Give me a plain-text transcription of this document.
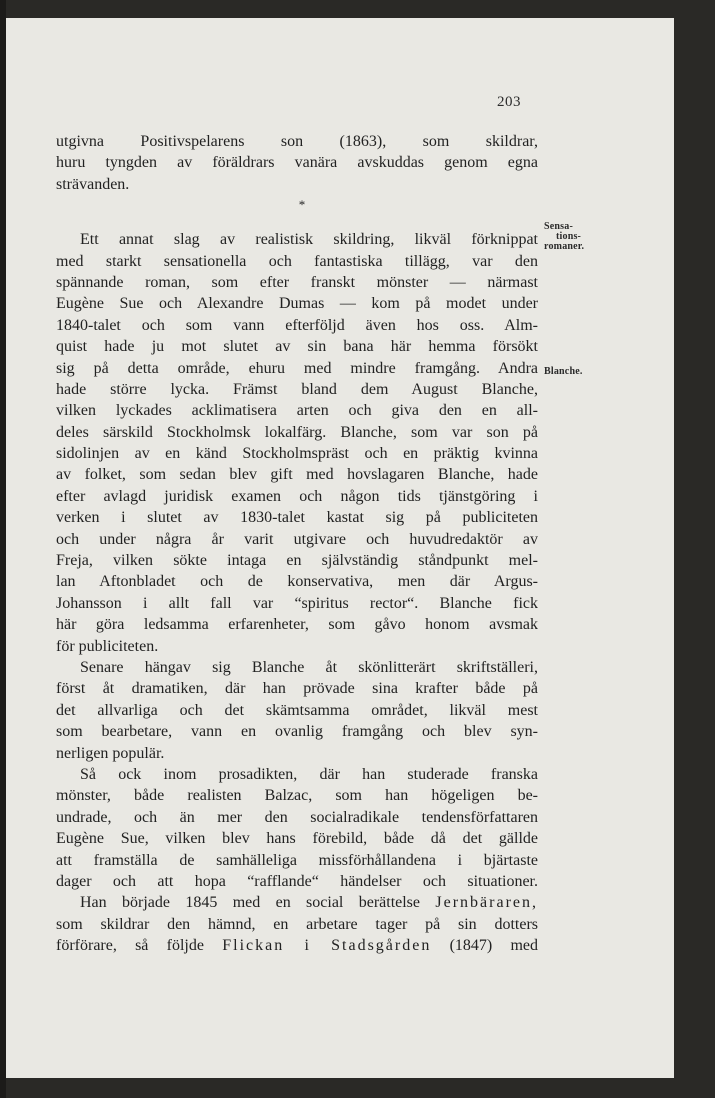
203
Sensa-
tions-
romaner.
Blanche.
utgivna Positivspelarens son (1863), som skildrar,
huru tyngden av föräldrars vanära avskuddas genom egna
strävanden.
*
Ett annat slag av realistisk skildring, likväl förknippat
med starkt sensationella och fantastiska tillägg, var den
spännande roman, som efter franskt mönster — närmast
Eugène Sue och Alexandre Dumas — kom på modet under
1840-talet och som vann efterföljd även hos oss. Alm-
quist hade ju mot slutet av sin bana här hemma försökt
sig på detta område, ehuru med mindre framgång. Andra
hade större lycka. Främst bland dem August Blanche,
vilken lyckades acklimatisera arten och giva den en all-
deles särskild Stockholmsk lokalfärg. Blanche, som var son på
sidolinjen av en känd Stockholmspräst och en präktig kvinna
av folket, som sedan blev gift med hovslagaren Blanche, hade
efter avlagd juridisk examen och någon tids tjänstgöring i
verken i slutet av 1830-talet kastat sig på publiciteten
och under några år varit utgivare och huvudredaktör av
Freja, vilken sökte intaga en självständig ståndpunkt mel-
lan Aftonbladet och de konservativa, men där Argus-
Johansson i allt fall var “spiritus rector“. Blanche fick
här göra ledsamma erfarenheter, som gåvo honom avsmak
för publiciteten.
Senare hängav sig Blanche åt skönlitterärt skriftställeri,
först åt dramatiken, där han prövade sina krafter både på
det allvarliga och det skämtsamma området, likväl mest
som bearbetare, vann en ovanlig framgång och blev syn-
nerligen populär.
Så ock inom prosadikten, där han studerade franska
mönster, både realisten Balzac, som han högeligen be-
undrade, och än mer den socialradikale tendensförfattaren
Eugène Sue, vilken blev hans förebild, både då det gällde
att framställa de samhälleliga missförhållandena i bjärtaste
dager och att hopa “rafflande“ händelser och situationer.
Han började 1845 med en social berättelse Jernbäraren,
som skildrar den hämnd, en arbetare tager på sin dotters
förförare, så följde Flickan i Stadsgården (1847) med
